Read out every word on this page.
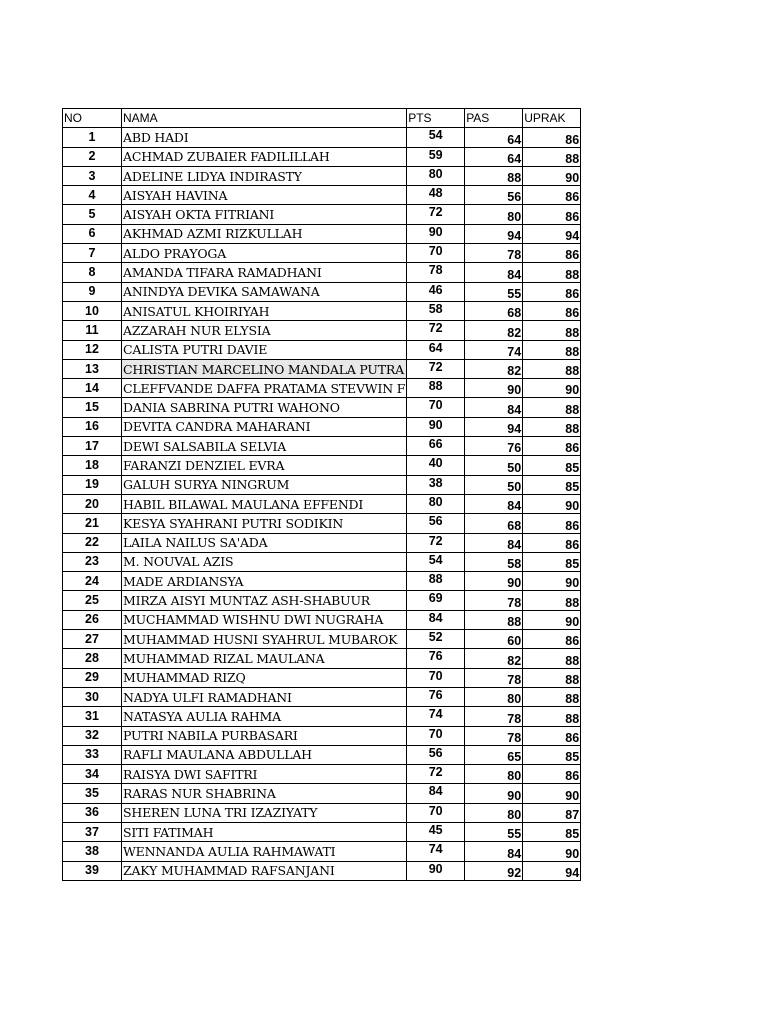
NO	NAMA	PTS	PAS	UPRAK
1	ABD HADI	54	64	86
2	ACHMAD ZUBAIER FADILILLAH	59	64	88
3	ADELINE LIDYA INDIRASTY	80	88	90
4	AISYAH HAVINA	48	56	86
5	AISYAH OKTA FITRIANI	72	80	86
6	AKHMAD AZMI RIZKULLAH	90	94	94
7	ALDO PRAYOGA	70	78	86
8	AMANDA TIFARA RAMADHANI	78	84	88
9	ANINDYA DEVIKA SAMAWANA	46	55	86
10	ANISATUL KHOIRIYAH	58	68	86
11	AZZARAH NUR ELYSIA	72	82	88
12	CALISTA PUTRI DAVIE	64	74	88
13	CHRISTIAN MARCELINO MANDALA PUTRA	72	82	88
14	CLEFFVANDE DAFFA PRATAMA STEVWIN F	88	90	90
15	DANIA SABRINA PUTRI WAHONO	70	84	88
16	DEVITA CANDRA MAHARANI	90	94	88
17	DEWI SALSABILA SELVIA	66	76	86
18	FARANZI DENZIEL EVRA	40	50	85
19	GALUH SURYA NINGRUM	38	50	85
20	HABIL BILAWAL MAULANA EFFENDI	80	84	90
21	KESYA SYAHRANI PUTRI SODIKIN	56	68	86
22	LAILA NAILUS SA'ADA	72	84	86
23	M. NOUVAL AZIS	54	58	85
24	MADE ARDIANSYA	88	90	90
25	MIRZA AISYI MUNTAZ ASH-SHABUUR	69	78	88
26	MUCHAMMAD WISHNU DWI NUGRAHA	84	88	90
27	MUHAMMAD HUSNI SYAHRUL MUBAROK	52	60	86
28	MUHAMMAD RIZAL MAULANA	76	82	88
29	MUHAMMAD RIZQ	70	78	88
30	NADYA ULFI RAMADHANI	76	80	88
31	NATASYA AULIA RAHMA	74	78	88
32	PUTRI NABILA PURBASARI	70	78	86
33	RAFLI MAULANA ABDULLAH	56	65	85
34	RAISYA DWI SAFITRI	72	80	86
35	RARAS NUR SHABRINA	84	90	90
36	SHEREN LUNA TRI IZAZIYATY	70	80	87
37	SITI FATIMAH	45	55	85
38	WENNANDA AULIA RAHMAWATI	74	84	90
39	ZAKY MUHAMMAD RAFSANJANI	90	92	94
